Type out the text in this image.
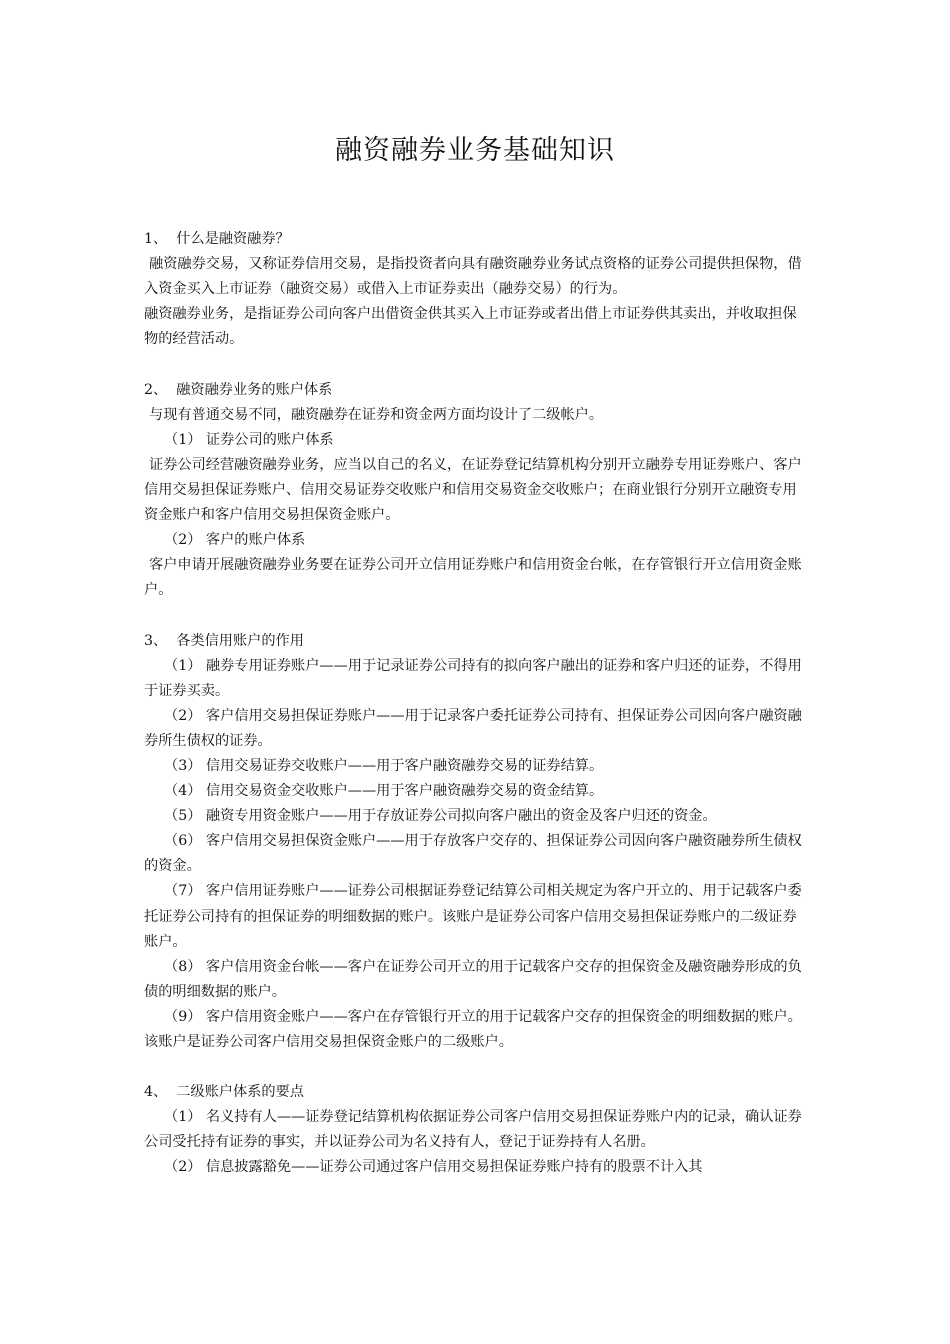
融资融券业务基础知识

1、  什么是融资融券？

融资融券交易，又称证券信用交易，是指投资者向具有融资融券业务试点资格的证券公司提供担保物，借入资金买入上市证券（融资交易）或借入上市证券卖出（融券交易）的行为。

融资融券业务，是指证券公司向客户出借资金供其买入上市证券或者出借上市证券供其卖出，并收取担保物的经营活动。

2、  融资融券业务的账户体系

与现有普通交易不同，融资融券在证券和资金两方面均设计了二级帐户。

（1） 证券公司的账户体系

证券公司经营融资融券业务，应当以自己的名义，在证券登记结算机构分别开立融券专用证券账户、客户信用交易担保证券账户、信用交易证券交收账户和信用交易资金交收账户；在商业银行分别开立融资专用资金账户和客户信用交易担保资金账户。

（2） 客户的账户体系

客户申请开展融资融券业务要在证券公司开立信用证券账户和信用资金台帐，在存管银行开立信用资金账户。

3、  各类信用账户的作用

（1） 融券专用证券账户——用于记录证券公司持有的拟向客户融出的证券和客户归还的证券，不得用于证券买卖。

（2） 客户信用交易担保证券账户——用于记录客户委托证券公司持有、担保证券公司因向客户融资融券所生债权的证券。

（3） 信用交易证券交收账户——用于客户融资融券交易的证券结算。

（4） 信用交易资金交收账户——用于客户融资融券交易的资金结算。

（5） 融资专用资金账户——用于存放证券公司拟向客户融出的资金及客户归还的资金。

（6） 客户信用交易担保资金账户——用于存放客户交存的、担保证券公司因向客户融资融券所生债权的资金。

（7） 客户信用证券账户——证券公司根据证券登记结算公司相关规定为客户开立的、用于记载客户委托证券公司持有的担保证券的明细数据的账户。该账户是证券公司客户信用交易担保证券账户的二级证券账户。

（8） 客户信用资金台帐——客户在证券公司开立的用于记载客户交存的担保资金及融资融券形成的负债的明细数据的账户。

（9） 客户信用资金账户——客户在存管银行开立的用于记载客户交存的担保资金的明细数据的账户。该账户是证券公司客户信用交易担保资金账户的二级账户。

4、  二级账户体系的要点

（1） 名义持有人——证券登记结算机构依据证券公司客户信用交易担保证券账户内的记录，确认证券公司受托持有证券的事实，并以证券公司为名义持有人，登记于证券持有人名册。

（2） 信息披露豁免——证券公司通过客户信用交易担保证券账户持有的股票不计入其
